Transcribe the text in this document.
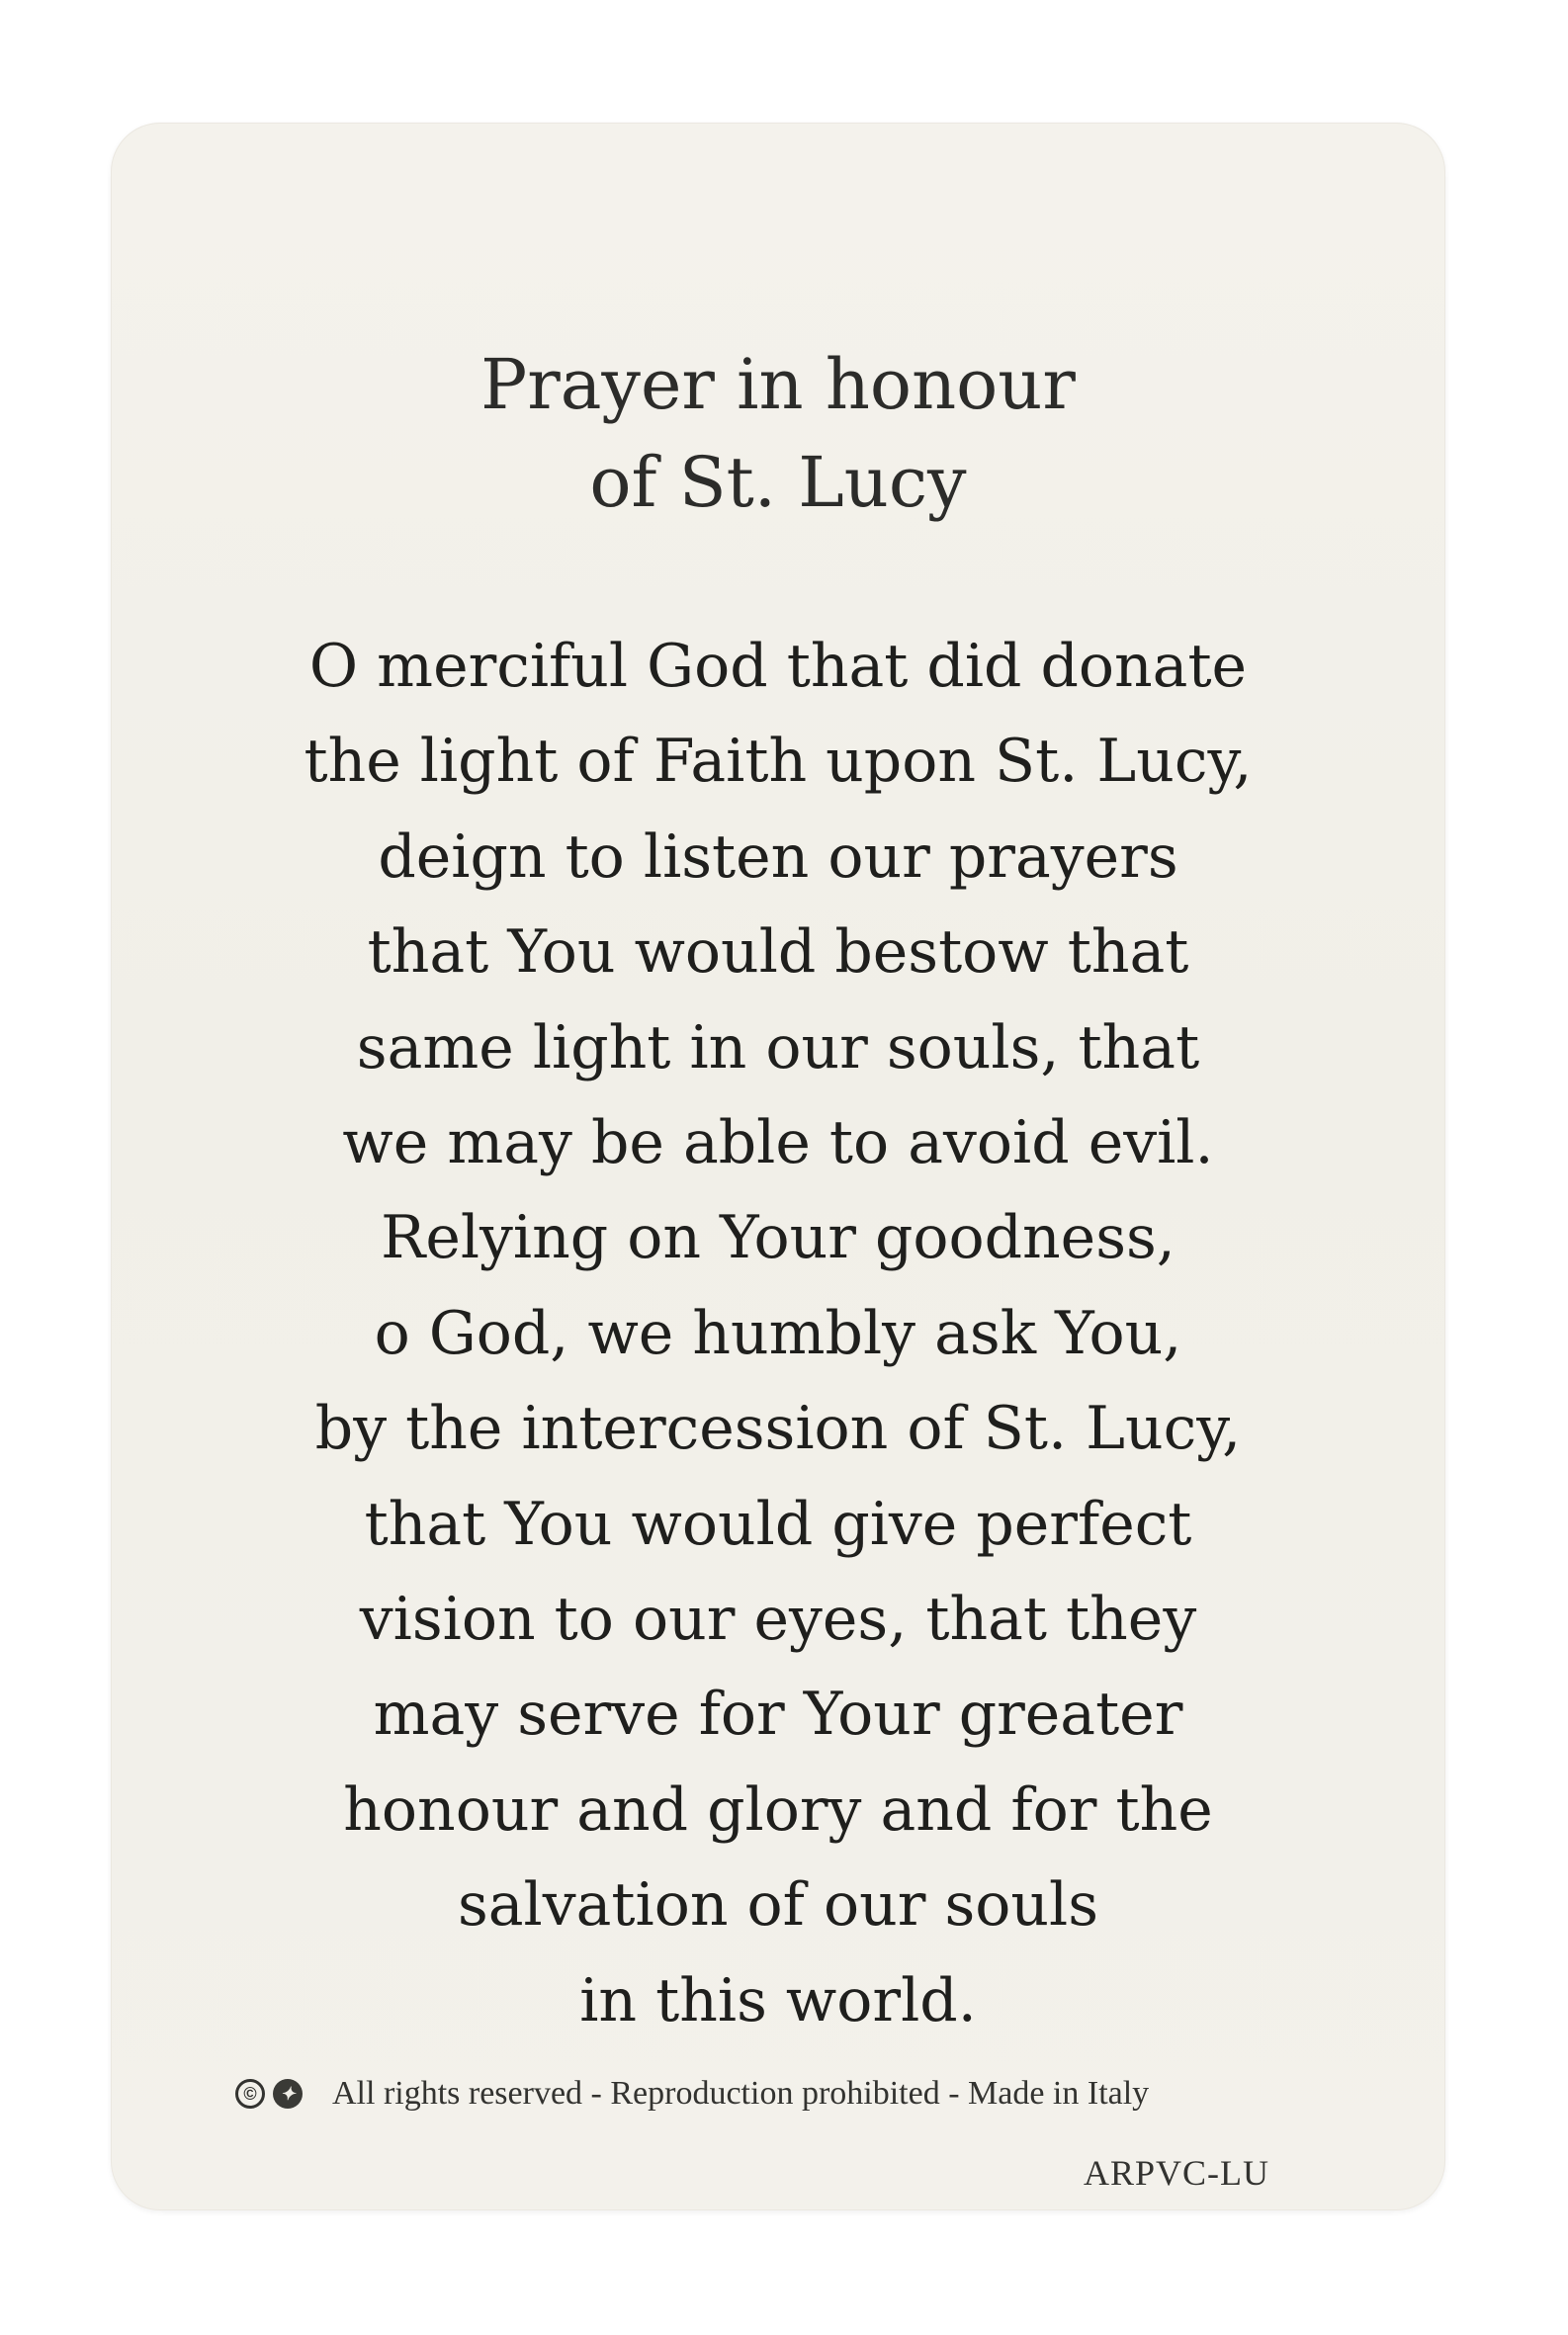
Prayer in honour
of St. Lucy
O merciful God that did donate
the light of Faith upon St. Lucy,
deign to listen our prayers
that You would bestow that
same light in our souls, that
we may be able to avoid evil.
Relying on Your goodness,
o God, we humbly ask You,
by the intercession of St. Lucy,
that You would give perfect
vision to our eyes, that they
may serve for Your greater
honour and glory and for the
salvation of our souls
in this world.
ARPVC-LU
©	✦ All rights reserved - Reproduction prohibited - Made in Italy
